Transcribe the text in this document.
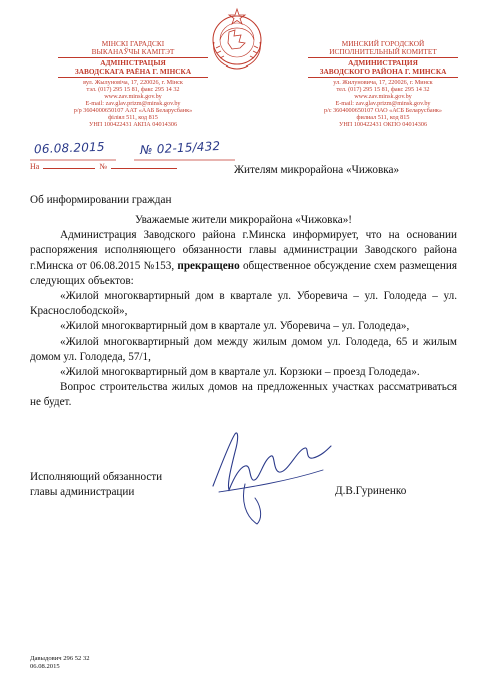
МІНСКІ ГАРАДСКІ
ВЫКАНАЎЧЫ КАМІТЭТ
АДМІНІСТРАЦЫЯ
ЗАВОДСКАГА РАЁНА Г. МІНСКА
вул. Жылуновіча, 17, 220026, г. Мінск
тэл. (017) 295 15 81, факс 295 14 32
www.zav.minsk.gov.by
E-mail: zav.glav.prizm@minsk.gov.by
р/р 3604000650107 ААТ «ААБ Беларусбанк»
філіял 511, код 815
УНП 100422431 АКПА 04014306
МИНСКИЙ ГОРОДСКОЙ
ИСПОЛНИТЕЛЬНЫЙ КОМИТЕТ
АДМИНИСТРАЦИЯ
ЗАВОДСКОГО РАЙОНА Г. МИНСКА
ул. Жилуновича, 17, 220026, г. Минск
тел. (017) 295 15 81, факс 295 14 32
www.zav.minsk.gov.by
E-mail: zav.glav.prizm@minsk.gov.by
р/с 3604000650107 ОАО «АСБ Беларусбанк»
филиал 511, код 815
УНП 100422431 ОКПО 04014306
06.08.2015	№ 02-15/432
На	№	Жителям микрорайона «Чижовка»
Об информировании граждан

Уважаемые жители микрорайона «Чижовка»!

Администрация Заводского района г.Минска информирует, что на основании распоряжения исполняющего обязанности главы администрации Заводского района г.Минска от 06.08.2015 №153, прекращено общественное обсуждение схем размещения следующих объектов:

«Жилой многоквартирный дом в квартале ул. Уборевича – ул. Голодеда – ул. Краснослободской»,

«Жилой многоквартирный дом в квартале ул. Уборевича – ул. Голодеда»,

«Жилой многоквартирный дом между жилым домом ул. Голодеда, 65 и жилым домом ул. Голодеда, 57/1,

«Жилой многоквартирный дом в квартале ул. Корзюки – проезд Голодеда».

Вопрос строительства жилых домов на предложенных участках рассматриваться не будет.

Исполняющий обязанности
главы администрации	Д.В.Гуриненко
Давыдович 296 52 32
06.08.2015
